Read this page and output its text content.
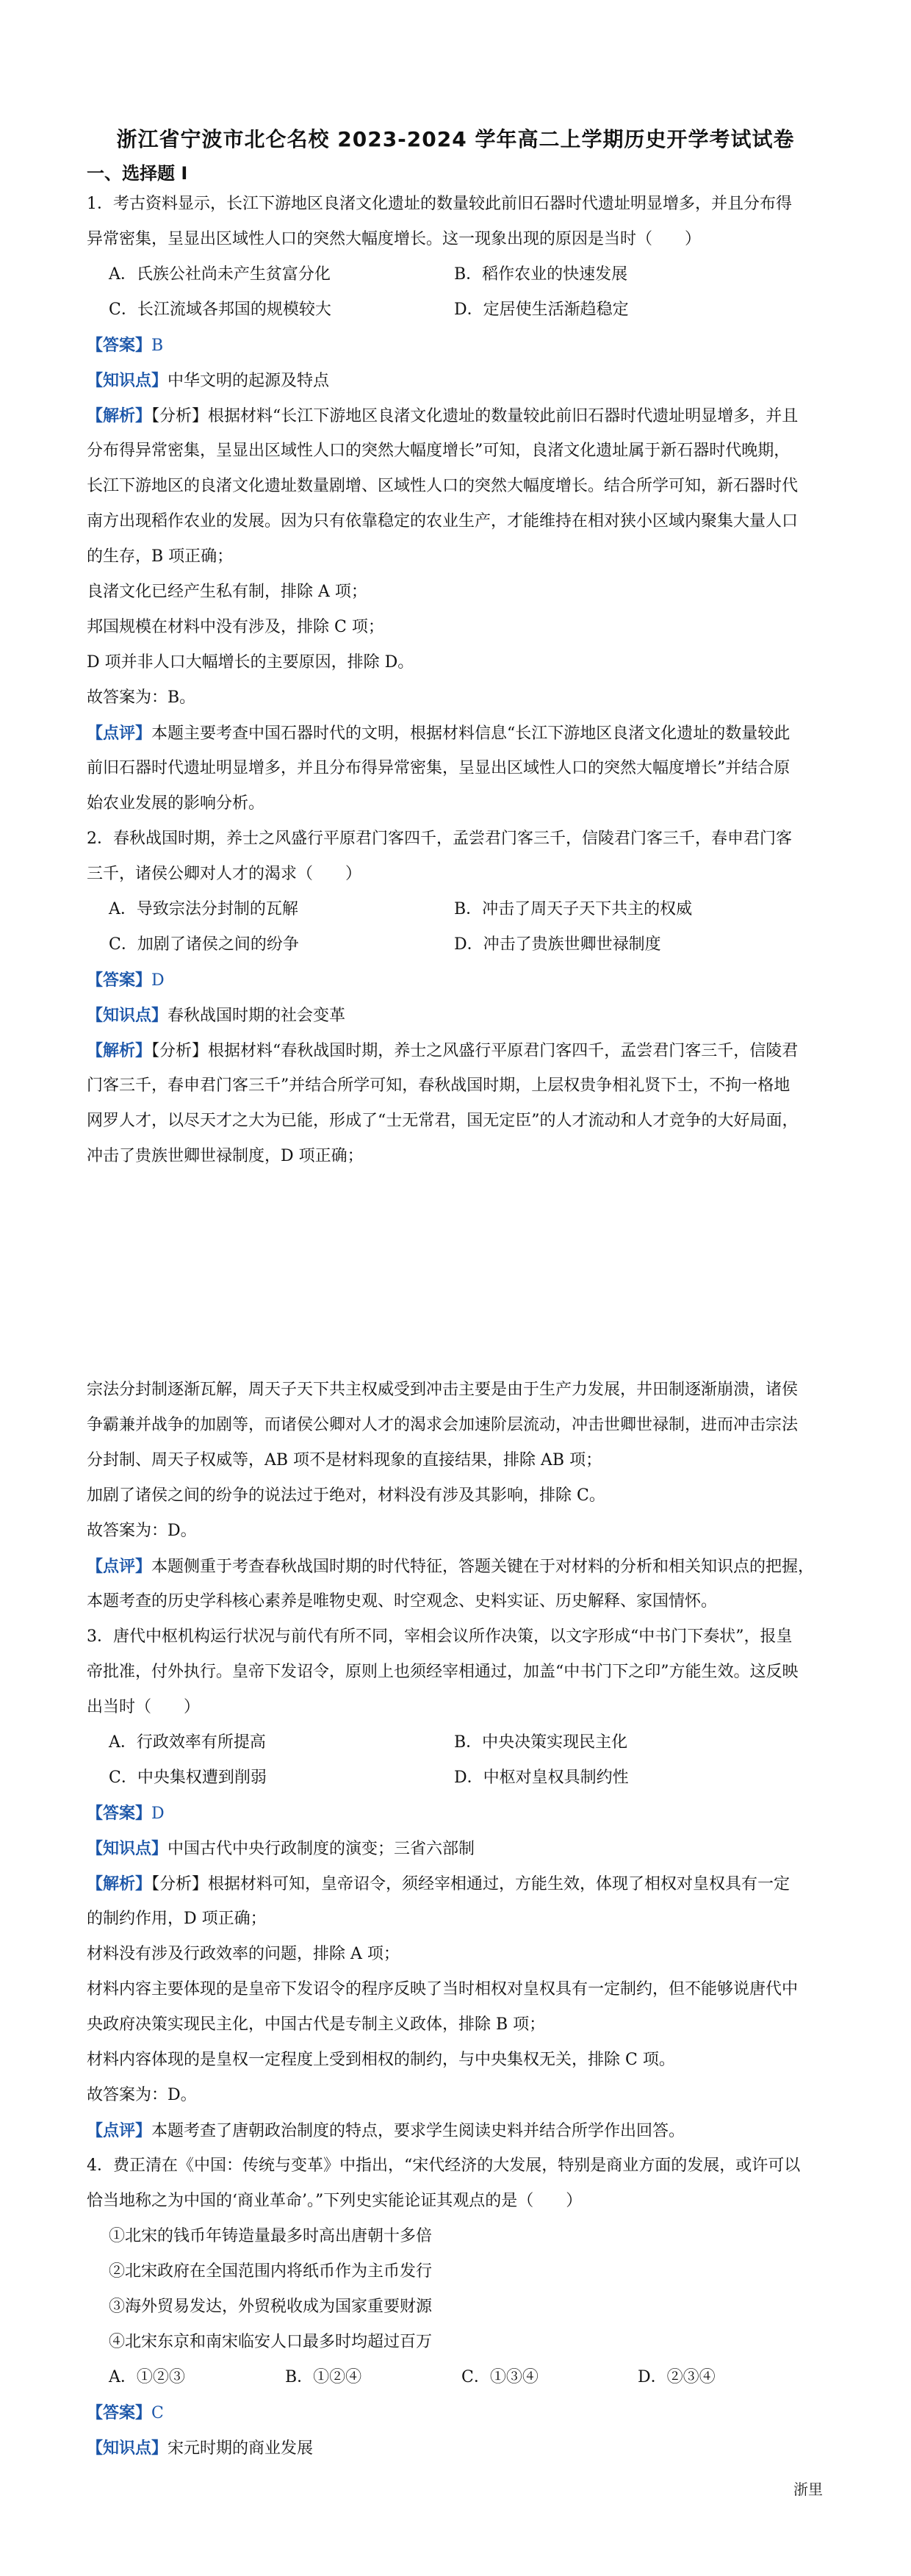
浙江省宁波市北仑名校 2023-2024 学年高二上学期历史开学考试试卷
一、选择题 I
1．考古资料显示，长江下游地区良渚文化遗址的数量较此前旧石器时代遗址明显增多，并且分布得
异常密集，呈显出区域性人口的突然大幅度增长。这一现象出现的原因是当时（　　）
A．氏族公社尚未产生贫富分化	B．稻作农业的快速发展
C．长江流域各邦国的规模较大	D．定居使生活渐趋稳定
【答案】B
【知识点】中华文明的起源及特点
【解析】【分析】根据材料“长江下游地区良渚文化遗址的数量较此前旧石器时代遗址明显增多，并且
分布得异常密集，呈显出区域性人口的突然大幅度增长”可知，良渚文化遗址属于新石器时代晚期，
长江下游地区的良渚文化遗址数量剧增、区域性人口的突然大幅度增长。结合所学可知，新石器时代
南方出现稻作农业的发展。因为只有依靠稳定的农业生产，才能维持在相对狭小区域内聚集大量人口
的生存，B 项正确；
良渚文化已经产生私有制，排除 A 项；
邦国规模在材料中没有涉及，排除 C 项；
D 项并非人口大幅增长的主要原因，排除 D。
故答案为：B。
【点评】本题主要考查中国石器时代的文明，根据材料信息“长江下游地区良渚文化遗址的数量较此
前旧石器时代遗址明显增多，并且分布得异常密集，呈显出区域性人口的突然大幅度增长”并结合原
始农业发展的影响分析。
2．春秋战国时期，养士之风盛行平原君门客四千，孟尝君门客三千，信陵君门客三千，春申君门客
三千，诸侯公卿对人才的渴求（　　）
A．导致宗法分封制的瓦解	B．冲击了周天子天下共主的权威
C．加剧了诸侯之间的纷争	D．冲击了贵族世卿世禄制度
【答案】D
【知识点】春秋战国时期的社会变革
【解析】【分析】根据材料“春秋战国时期，养士之风盛行平原君门客四千，孟尝君门客三千，信陵君
门客三千，春申君门客三千”并结合所学可知，春秋战国时期，上层权贵争相礼贤下士，不拘一格地
网罗人才，以尽天才之大为已能，形成了“士无常君，国无定臣”的人才流动和人才竞争的大好局面，
冲击了贵族世卿世禄制度，D 项正确；
宗法分封制逐渐瓦解，周天子天下共主权威受到冲击主要是由于生产力发展，井田制逐渐崩溃，诸侯
争霸兼并战争的加剧等，而诸侯公卿对人才的渴求会加速阶层流动，冲击世卿世禄制，进而冲击宗法
分封制、周天子权威等，AB 项不是材料现象的直接结果，排除 AB 项；
加剧了诸侯之间的纷争的说法过于绝对，材料没有涉及其影响，排除 C。
故答案为：D。
【点评】本题侧重于考查春秋战国时期的时代特征，答题关键在于对材料的分析和相关知识点的把握，
本题考查的历史学科核心素养是唯物史观、时空观念、史料实证、历史解释、家国情怀。
3．唐代中枢机构运行状况与前代有所不同，宰相会议所作决策，以文字形成“中书门下奏状”，报皇
帝批准，付外执行。皇帝下发诏令，原则上也须经宰相通过，加盖“中书门下之印”方能生效。这反映
出当时（　　）
A．行政效率有所提高	B．中央决策实现民主化
C．中央集权遭到削弱	D．中枢对皇权具制约性
【答案】D
【知识点】中国古代中央行政制度的演变；三省六部制
【解析】【分析】根据材料可知，皇帝诏令，须经宰相通过，方能生效，体现了相权对皇权具有一定
的制约作用，D 项正确；
材料没有涉及行政效率的问题，排除 A 项；
材料内容主要体现的是皇帝下发诏令的程序反映了当时相权对皇权具有一定制约，但不能够说唐代中
央政府决策实现民主化，中国古代是专制主义政体，排除 B 项；
材料内容体现的是皇权一定程度上受到相权的制约，与中央集权无关，排除 C 项。
故答案为：D。
【点评】本题考查了唐朝政治制度的特点，要求学生阅读史料并结合所学作出回答。
4．费正清在《中国：传统与变革》中指出，“宋代经济的大发展，特别是商业方面的发展，或许可以
恰当地称之为中国的‘商业革命’。”下列史实能论证其观点的是（　　）
①北宋的钱币年铸造量最多时高出唐朝十多倍
②北宋政府在全国范围内将纸币作为主币发行
③海外贸易发达，外贸税收成为国家重要财源
④北宋东京和南宋临安人口最多时均超过百万
A．①②③	B．①②④	C．①③④	D．②③④
【答案】C
【知识点】宋元时期的商业发展
浙里
